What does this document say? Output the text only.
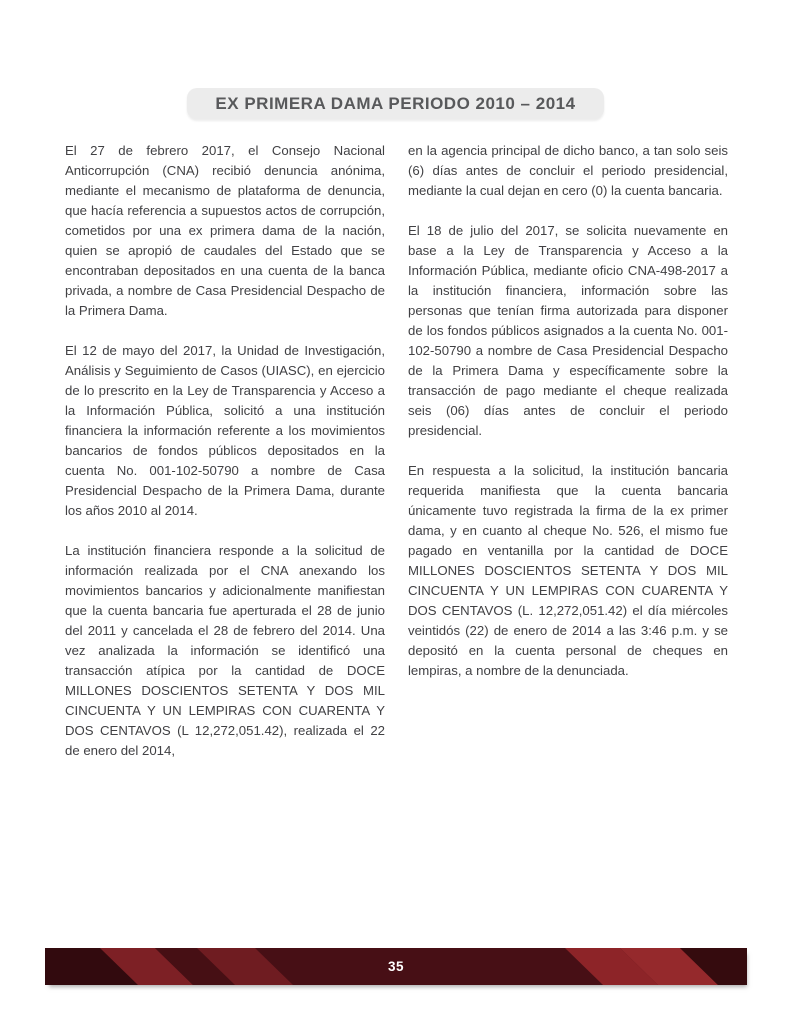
EX PRIMERA DAMA PERIODO 2010 – 2014

El 27 de febrero 2017, el Consejo Nacional Anticorrupción (CNA) recibió denuncia anónima, mediante el mecanismo de plataforma de denuncia, que hacía referencia a supuestos actos de corrupción, cometidos por una ex primera dama de la nación, quien se apropió de caudales del Estado que se encontraban depositados en una cuenta de la banca privada, a nombre de Casa Presidencial Despacho de la Primera Dama.

El 12 de mayo del 2017, la Unidad de Investigación, Análisis y Seguimiento de Casos (UIASC), en ejercicio de lo prescrito en la Ley de Transparencia y Acceso a la Información Pública, solicitó a una institución financiera la información referente a los movimientos bancarios de fondos públicos depositados en la cuenta No. 001-102-50790 a nombre de Casa Presidencial Despacho de la Primera Dama, durante los años 2010 al 2014.

La institución financiera responde a la solicitud de información realizada por el CNA anexando los movimientos bancarios y adicionalmente manifiestan que la cuenta bancaria fue aperturada el 28 de junio del 2011 y cancelada el 28 de febrero del 2014. Una vez analizada la información se identificó una transacción atípica por la cantidad de DOCE MILLONES DOSCIENTOS SETENTA Y DOS MIL CINCUENTA Y UN LEMPIRAS CON CUARENTA Y DOS CENTAVOS (L 12,272,051.42), realizada el 22 de enero del 2014,

en la agencia principal de dicho banco, a tan solo seis (6) días antes de concluir el periodo presidencial, mediante la cual dejan en cero (0) la cuenta bancaria.

El 18 de julio del 2017, se solicita nuevamente en base a la Ley de Transparencia y Acceso a la Información Pública, mediante oficio CNA-498-2017 a la institución financiera, información sobre las personas que tenían firma autorizada para disponer de los fondos públicos asignados a la cuenta No. 001-102-50790 a nombre de Casa Presidencial Despacho de la Primera Dama y específicamente sobre la transacción de pago mediante el cheque realizada seis (06) días antes de concluir el periodo presidencial.

En respuesta a la solicitud, la institución bancaria requerida manifiesta que la cuenta bancaria únicamente tuvo registrada la firma de la ex primer dama, y en cuanto al cheque No. 526, el mismo fue pagado en ventanilla por la cantidad de DOCE MILLONES DOSCIENTOS SETENTA Y DOS MIL CINCUENTA Y UN LEMPIRAS CON CUARENTA Y DOS CENTAVOS (L. 12,272,051.42) el día miércoles veintidós (22) de enero de 2014 a las 3:46 p.m. y se depositó en la cuenta personal de cheques en lempiras, a nombre de la denunciada.

35
